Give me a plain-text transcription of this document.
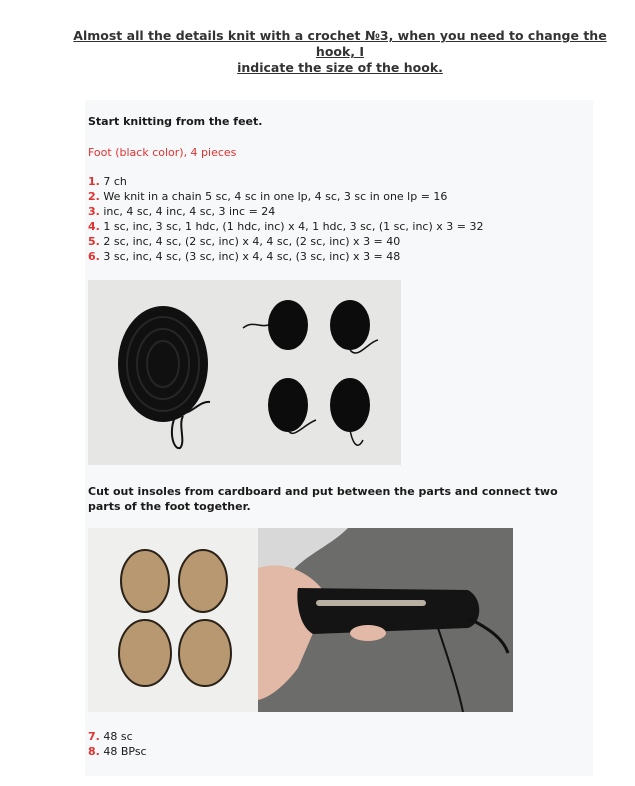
Almost all the details knit with a crochet №3, when you need to change the hook, I
indicate the size of the hook.
Start knitting from the feet.
Foot (black color), 4 pieces
1. 7 ch
2. We knit in a chain 5 sc, 4 sc in one lp, 4 sc, 3 sc in one lp = 16
3. inc, 4 sc, 4 inc, 4 sc, 3 inc = 24
4. 1 sc, inc, 3 sc, 1 hdc, (1 hdc, inc) x 4, 1 hdc, 3 sc, (1 sc, inc) x 3 = 32
5. 2 sc, inc, 4 sc, (2 sc, inc) x 4, 4 sc, (2 sc, inc) x 3 = 40
6. 3 sc, inc, 4 sc, (3 sc, inc) x 4, 4 sc, (3 sc, inc) x 3 = 48
Cut out insoles from cardboard and put between the parts and connect two parts of the foot together.
7. 48 sc
8. 48 BPsc
